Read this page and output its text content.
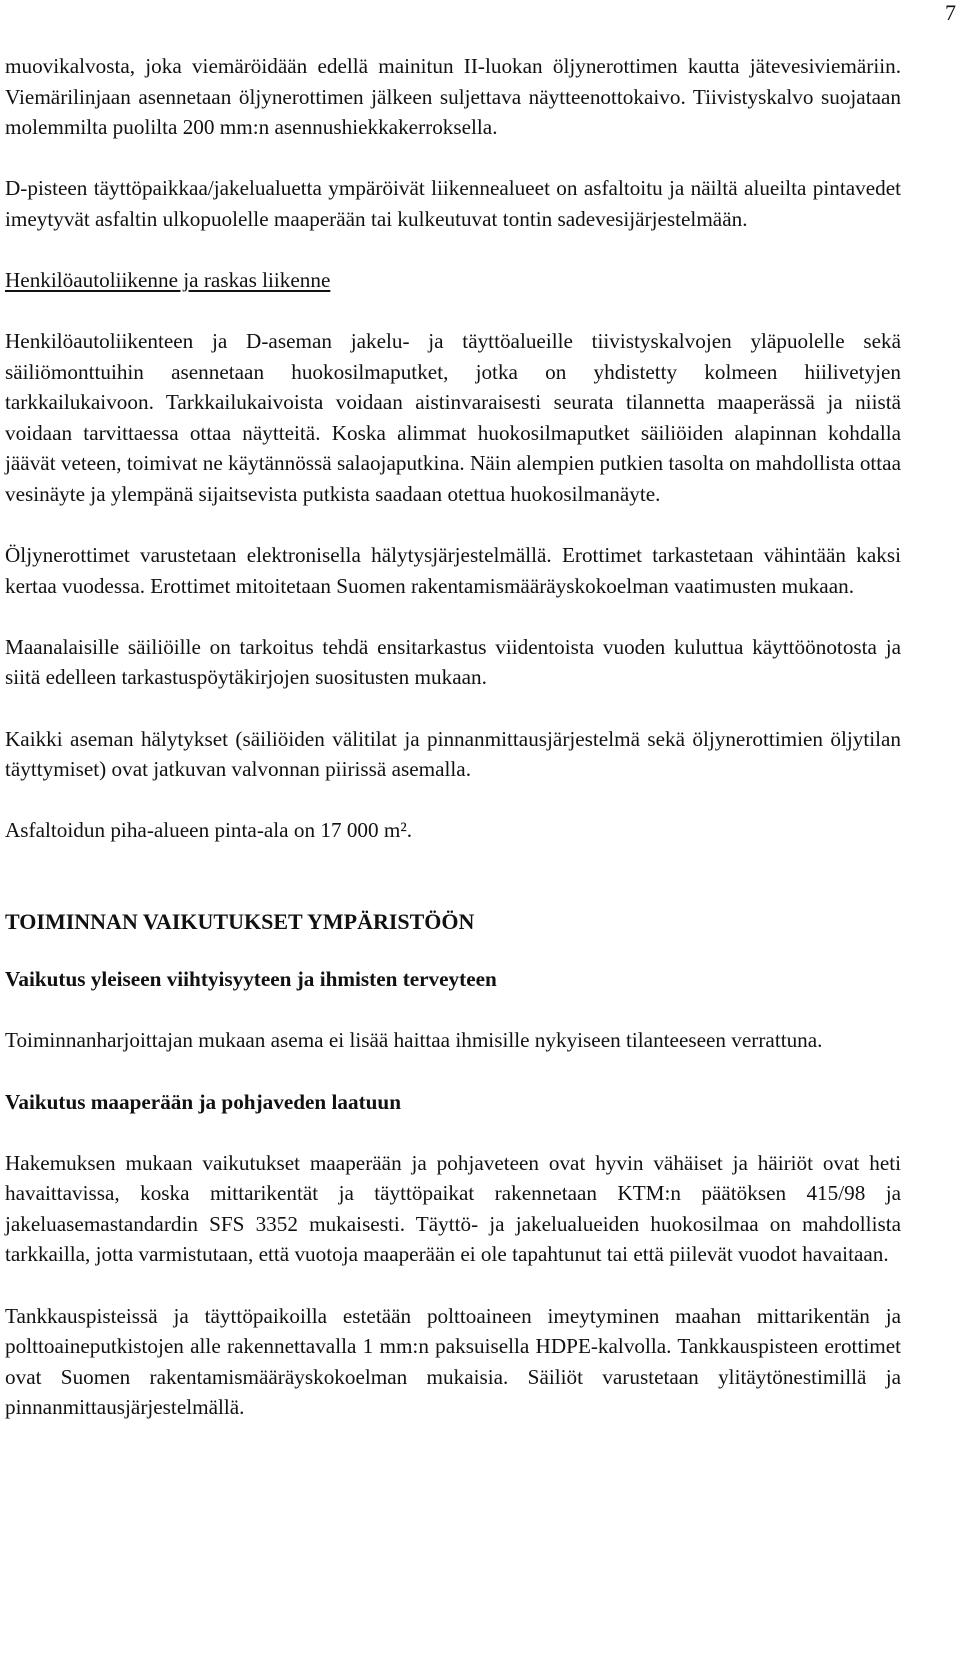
7

muovikalvosta, joka viemäröidään edellä mainitun II-luokan öljynerottimen kautta jätevesiviemäriin. Viemärilinjaan asennetaan öljynerottimen jälkeen suljettava näytteenottokaivo. Tiivistyskalvo suojataan molemmilta puolilta 200 mm:n asennushiekkakerroksella.

D-pisteen täyttöpaikkaa/jakelualuetta ympäröivät liikennealueet on asfaltoitu ja näiltä alueilta pintavedet imeytyvät asfaltin ulkopuolelle maaperään tai kulkeutuvat tontin sadevesijärjestelmään.

Henkilöautoliikenne ja raskas liikenne

Henkilöautoliikenteen ja D-aseman jakelu- ja täyttöalueille tiivistyskalvojen yläpuolelle sekä säiliömonttuihin asennetaan huokosilmaputket, jotka on yhdistetty kolmeen hiilivetyjen tarkkailukaivoon. Tarkkailukaivoista voidaan aistinvaraisesti seurata tilannetta maaperässä ja niistä voidaan tarvittaessa ottaa näytteitä. Koska alimmat huokosilmaputket säiliöiden alapinnan kohdalla jäävät veteen, toimivat ne käytännössä salaojaputkina. Näin alempien putkien tasolta on mahdollista ottaa vesinäyte ja ylempänä sijaitsevista putkista saadaan otettua huokosilmanäyte.

Öljynerottimet varustetaan elektronisella hälytysjärjestelmällä. Erottimet tarkastetaan vähintään kaksi kertaa vuodessa. Erottimet mitoitetaan Suomen rakentamismääräyskokoelman vaatimusten mukaan.

Maanalaisille säiliöille on tarkoitus tehdä ensitarkastus viidentoista vuoden kuluttua käyttöönotosta ja siitä edelleen tarkastuspöytäkirjojen suositusten mukaan.

Kaikki aseman hälytykset (säiliöiden välitilat ja pinnanmittausjärjestelmä sekä öljynerottimien öljytilan täyttymiset) ovat jatkuvan valvonnan piirissä asemalla.

Asfaltoidun piha-alueen pinta-ala on 17 000 m².

TOIMINNAN VAIKUTUKSET YMPÄRISTÖÖN

Vaikutus yleiseen viihtyisyyteen ja ihmisten terveyteen

Toiminnanharjoittajan mukaan asema ei lisää haittaa ihmisille nykyiseen tilanteeseen verrattuna.

Vaikutus maaperään ja pohjaveden laatuun

Hakemuksen mukaan vaikutukset maaperään ja pohjaveteen ovat hyvin vähäiset ja häiriöt ovat heti havaittavissa, koska mittarikentät ja täyttöpaikat rakennetaan KTM:n päätöksen 415/98 ja jakeluasemastandardin SFS 3352 mukaisesti. Täyttö- ja jakelualueiden huokosilmaa on mahdollista tarkkailla, jotta varmistutaan, että vuotoja maaperään ei ole tapahtunut tai että piilevät vuodot havaitaan.

Tankkauspisteissä ja täyttöpaikoilla estetään polttoaineen imeytyminen maahan mittarikentän ja polttoaineputkistojen alle rakennettavalla 1 mm:n paksuisella HDPE-kalvolla. Tankkauspisteen erottimet ovat Suomen rakentamismääräyskokoelman mukaisia. Säiliöt varustetaan ylitäytönestimillä ja pinnanmittausjärjestelmällä.
